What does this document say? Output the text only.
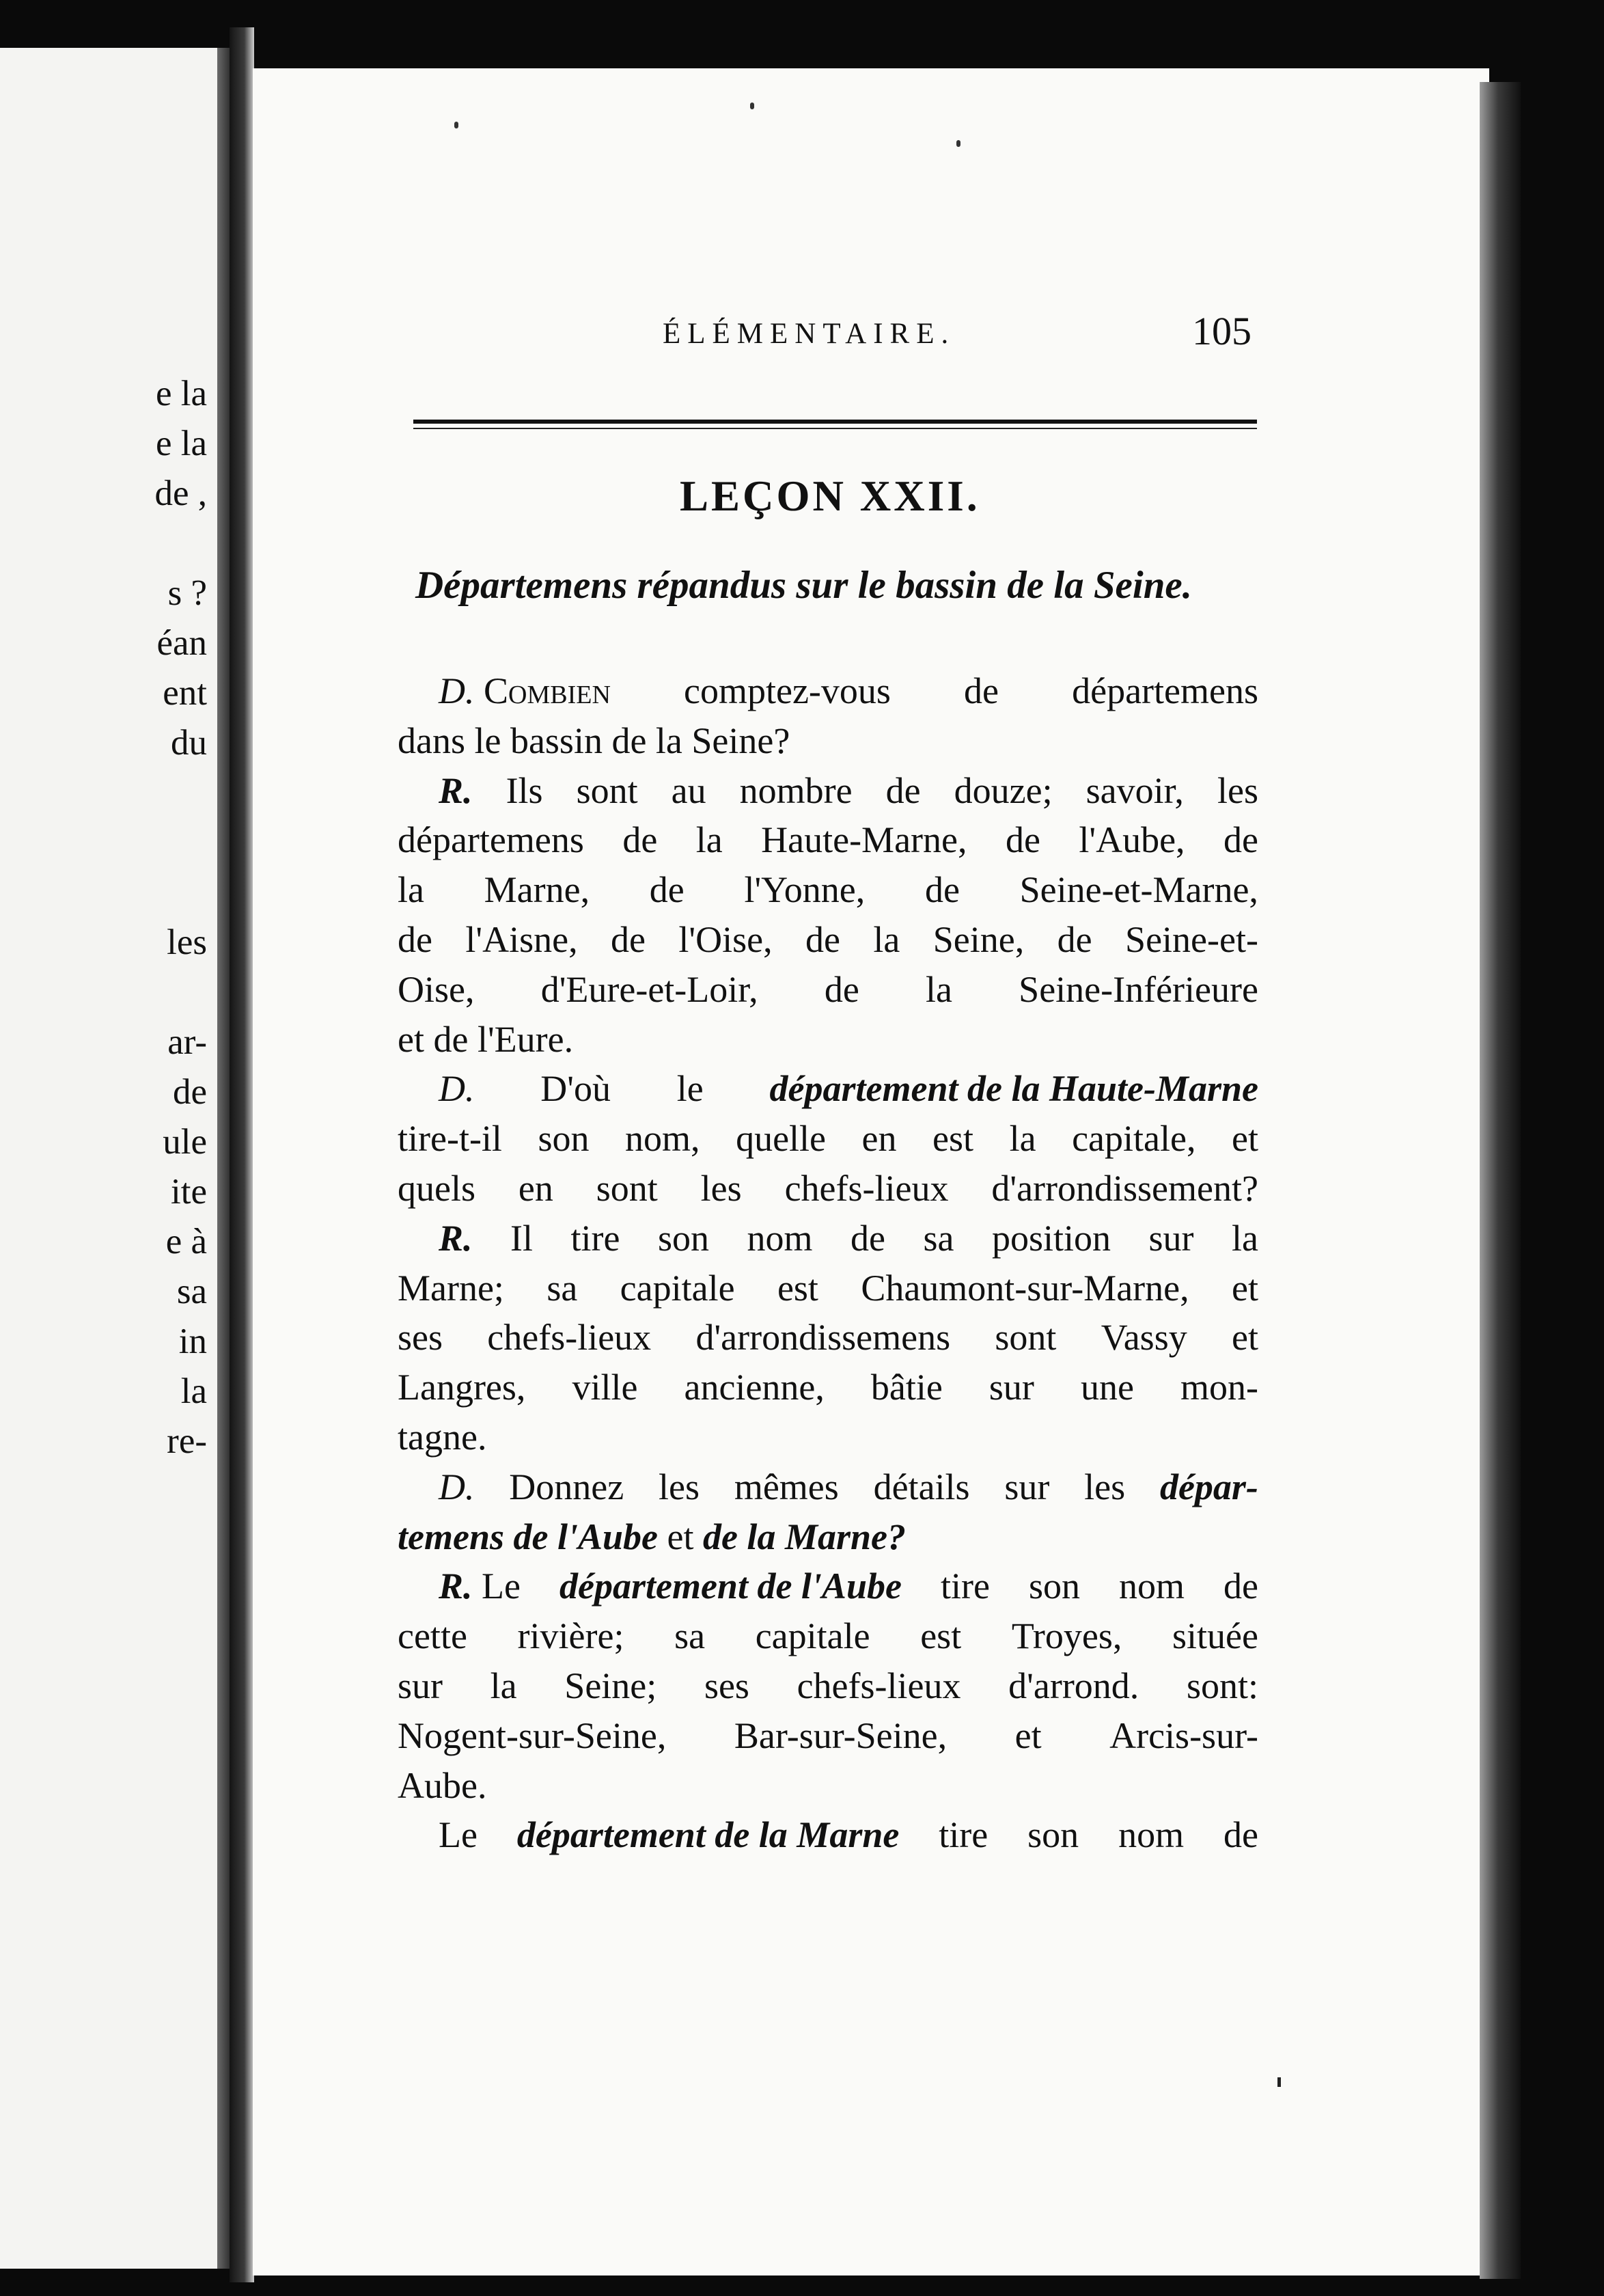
e la
e la
de ,
s ?
éan
ent
du
les
ar-
de
ule
ite
e à
sa
in
la
re-
ÉLÉMENTAIRE.	105
LEÇON XXII.
Départemens répandus sur le bassin de la Seine.
D. Combien comptez-vous de départemens
dans le bassin de la Seine?
R. Ils sont au nombre de douze; savoir, les
départemens de la Haute-Marne, de l'Aube, de
la Marne, de l'Yonne, de Seine-et-Marne,
de l'Aisne, de l'Oise, de la Seine, de Seine-et-
Oise, d'Eure-et-Loir, de la Seine-Inférieure
et de l'Eure.
D. D'où le département de la Haute-Marne
tire-t-il son nom, quelle en est la capitale, et
quels en sont les chefs-lieux d'arrondissement?
R. Il tire son nom de sa position sur la
Marne; sa capitale est Chaumont-sur-Marne, et
ses chefs-lieux d'arrondissemens sont Vassy et
Langres, ville ancienne, bâtie sur une mon-
tagne.
D. Donnez les mêmes détails sur les dépar-
temens de l'Aube
et
de la Marne?
R. Le département de l'Aube tire son nom de
cette rivière; sa capitale est Troyes, située
sur la Seine; ses chefs-lieux d'arrond. sont:
Nogent-sur-Seine, Bar-sur-Seine, et Arcis-sur-
Aube.
Le département de la Marne tire son nom de
